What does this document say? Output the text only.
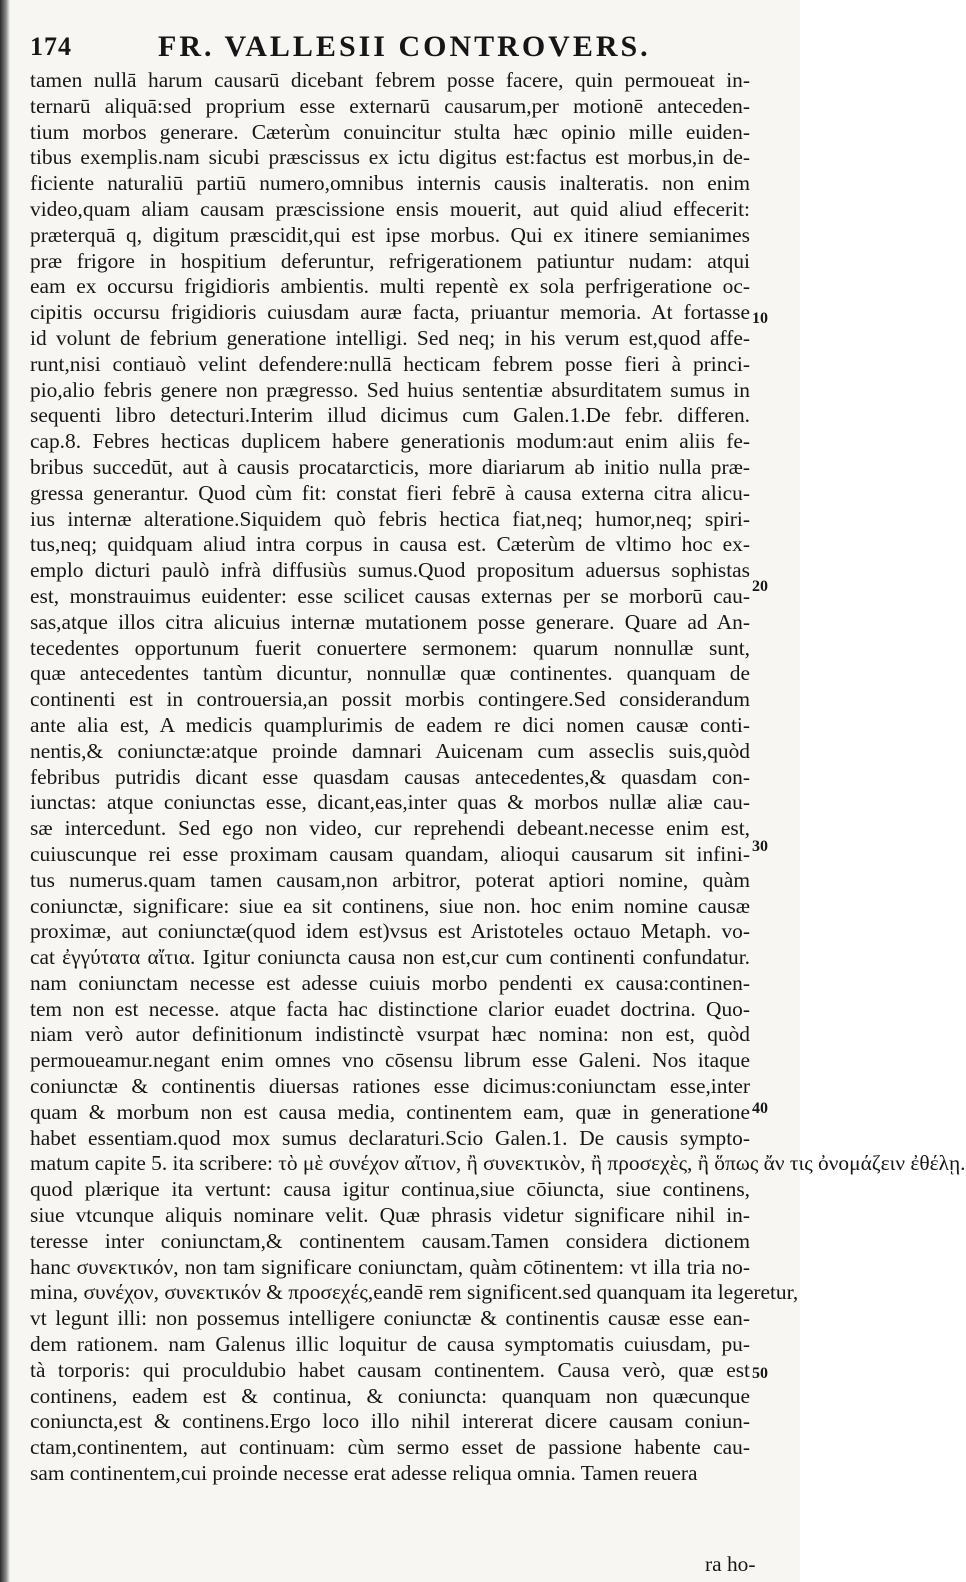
174	FR. VALLESII CONTROVERS.
tamen nullā harum causarū dicebant febrem posse facere, quin permoueat in-
ternarū aliquā:sed proprium esse externarū causarum,per motionē anteceden-
tium morbos generare. Cæterùm conuincitur stulta hæc opinio mille euiden-
tibus exemplis.nam sicubi præscissus ex ictu digitus est:factus est morbus,in de-
ficiente naturaliū partiū numero,omnibus internis causis inalteratis. non enim
video,quam aliam causam præscissione ensis mouerit, aut quid aliud effecerit:
præterquā q, digitum præscidit,qui est ipse morbus. Qui ex itinere semianimes
præ frigore in hospitium deferuntur, refrigerationem patiuntur nudam: atqui
eam ex occursu frigidioris ambientis. multi repentè ex sola perfrigeratione oc-
cipitis occursu frigidioris cuiusdam auræ facta, priuantur memoria. At fortasse
id volunt de febrium generatione intelligi. Sed neq; in his verum est,quod affe-
runt,nisi contiauò velint defendere:nullā hecticam febrem posse fieri à princi-
pio,alio febris genere non prægresso. Sed huius sententiæ absurditatem sumus in
sequenti libro detecturi.Interim illud dicimus cum Galen.1.De febr. differen.
cap.8. Febres hecticas duplicem habere generationis modum:aut enim aliis fe-
bribus succedūt, aut à causis procatarcticis, more diariarum ab initio nulla præ-
gressa generantur. Quod cùm fit: constat fieri febrē à causa externa citra alicu-
ius internæ alteratione.Siquidem quò febris hectica fiat,neq; humor,neq; spiri-
tus,neq; quidquam aliud intra corpus in causa est. Cæterùm de vltimo hoc ex-
emplo dicturi paulò infrà diffusiùs sumus.Quod propositum aduersus sophistas
est, monstrauimus euidenter: esse scilicet causas externas per se morborū cau-
sas,atque illos citra alicuius internæ mutationem posse generare. Quare ad An-
tecedentes opportunum fuerit conuertere sermonem: quarum nonnullæ sunt,
quæ antecedentes tantùm dicuntur, nonnullæ quæ continentes. quanquam de
continenti est in controuersia,an possit morbis contingere.Sed considerandum
ante alia est, A medicis quamplurimis de eadem re dici nomen causæ conti-
nentis,& coniunctæ:atque proinde damnari Auicenam cum asseclis suis,quòd
febribus putridis dicant esse quasdam causas antecedentes,& quasdam con-
iunctas: atque coniunctas esse, dicant,eas,inter quas & morbos nullæ aliæ cau-
sæ intercedunt. Sed ego non video, cur reprehendi debeant.necesse enim est,
cuiuscunque rei esse proximam causam quandam, alioqui causarum sit infini-
tus numerus.quam tamen causam,non arbitror, poterat aptiori nomine, quàm
coniunctæ, significare: siue ea sit continens, siue non. hoc enim nomine causæ
proximæ, aut coniunctæ(quod idem est)vsus est Aristoteles octauo Metaph. vo-
cat ἐγγύτατα αἴτια. Igitur coniuncta causa non est,cur cum continenti confundatur.
nam coniunctam necesse est adesse cuiuis morbo pendenti ex causa:continen-
tem non est necesse. atque facta hac distinctione clarior euadet doctrina. Quo-
niam verò autor definitionum indistinctè vsurpat hæc nomina: non est, quòd
permoueamur.negant enim omnes vno cōsensu librum esse Galeni. Nos itaque
coniunctæ & continentis diuersas rationes esse dicimus:coniunctam esse,inter
quam & morbum non est causa media, continentem eam, quæ in generatione
habet essentiam.quod mox sumus declaraturi.Scio Galen.1. De causis sympto-
matum capite 5. ita scribere: τὸ μὲ συνέχον αἴτιον, ἢ συνεκτικὸν, ἢ προσεχὲς, ἢ ὅπως ἄν τις ὀνομάζειν ἐθέλῃ.
quod plærique ita vertunt: causa igitur continua,siue cōiuncta, siue continens,
siue vtcunque aliquis nominare velit. Quæ phrasis videtur significare nihil in-
teresse inter coniunctam,& continentem causam.Tamen considera dictionem
hanc συνεκτικόν, non tam significare coniunctam, quàm cōtinentem: vt illa tria no-
mina, συνέχον, συνεκτικόν & προσεχές,eandē rem significent.sed quanquam ita legeretur,
vt legunt illi: non possemus intelligere coniunctæ & continentis causæ esse ean-
dem rationem. nam Galenus illic loquitur de causa symptomatis cuiusdam, pu-
tà torporis: qui proculdubio habet causam continentem. Causa verò, quæ est
continens, eadem est & continua, & coniuncta: quanquam non quæcunque
coniuncta,est & continens.Ergo loco illo nihil intererat dicere causam coniun-
ctam,continentem, aut continuam: cùm sermo esset de passione habente cau-
sam continentem,cui proinde necesse erat adesse reliqua omnia. Tamen reuera
10
20
30
40
50
ra ho-
